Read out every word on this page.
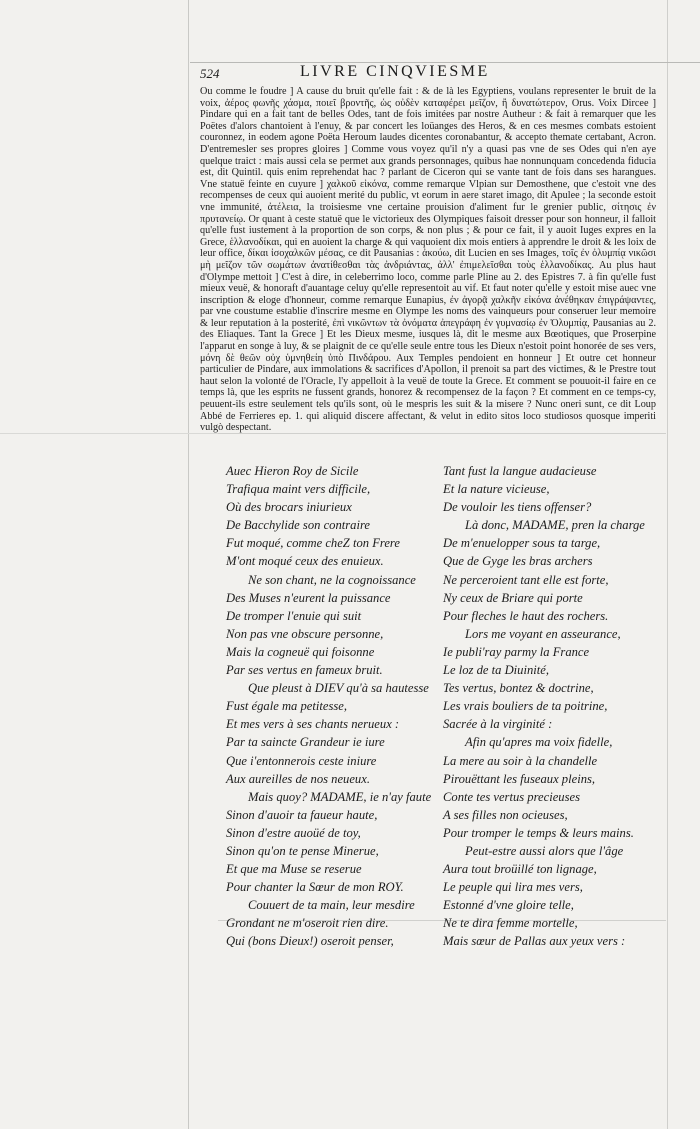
524	LIVRE CINQVIESME

Ou comme le foudre ] A cause du bruit qu'elle fait : & de là les Egyptiens, voulans representer le bruit de la voix, ἀέρος φωνῆς χάσμα, ποιεῖ βροντῆς, ὡς οὐδὲν καταφέρει μεῖζον, ἢ δυνατώτερον, Orus. Voix Dircee ] Pindare qui en a fait tant de belles Odes, tant de fois imitées par nostre Autheur : & fait à remarquer que les Poëtes d'alors chantoient à l'enuy, & par concert les loüanges des Heros, & en ces mesmes combats estoient couronnez, in eodem agone Poëta Heroum laudes dicentes coronabantur, & accepto themate certabant, Acron. D'entremesler ses propres gloires ] Comme vous voyez qu'il n'y a quasi pas vne de ses Odes qui n'en aye quelque traict : mais aussi cela se permet aux grands personnages, quibus hae nonnunquam concedenda fiducia est, dit Quintil. quis enim reprehendat hac ? parlant de Ciceron qui se vante tant de fois dans ses harangues. Vne statuë feinte en cuyure ] χαλκοῦ εἰκόνα, comme remarque Vlpian sur Demosthene, que c'estoit vne des recompenses de ceux qui auoient merité du public, vt eorum in aere staret imago, dit Apulee ; la seconde estoit vne immunité, ἀτέλεια, la troisiesme vne certaine prouision d'aliment fur le grenier public, σίτησις ἐν πρυτανείῳ. Or quant à ceste statuë que le victorieux des Olympiques faisoit dresser pour son honneur, il falloit qu'elle fust iustement à la proportion de son corps, & non plus ; & pour ce fait, il y auoit Iuges expres en la Grece, ἑλλανοδίκαι, qui en auoient la charge & qui vaquoient dix mois entiers à apprendre le droit & les loix de leur office, δίκαι ἰσοχαλκῶν μέσας, ce dit Pausanias : ἀκούω, dit Lucien en ses Images, τοῖς ἐν ὀλυμπίᾳ νικῶσι μὴ μεῖζον τῶν σωμάτων ἀνατίθεσθαι τὰς ἀνδριάντας, ἀλλ' ἐπιμελεῖσθαι τοὺς ἑλλανοδίκας. Au plus haut d'Olympe mettoit ] C'est à dire, in celeberrimo loco, comme parle Pline au 2. des Epistres 7. à fin qu'elle fust mieux veuë, & honoraft d'auantage celuy qu'elle representoit au vif. Et faut noter qu'elle y estoit mise auec vne inscription & eloge d'honneur, comme remarque Eunapius, ἐν ἀγορᾷ χαλκῆν εἰκόνα ἀνέθηκαν ἐπιγράψαντες, par vne coustume establie d'inscrire mesme en Olympe les noms des vainqueurs pour conseruer leur memoire & leur reputation à la posterité, ἐπὶ νικῶντων τὰ ὀνόματα ἀπεγράφη ἐν γυμνασίῳ ἐν Ὀλυμπίᾳ, Pausanias au 2. des Eliaques. Tant la Grece ] Et les Dieux mesme, iusques là, dit le mesme aux Bœotiques, que Proserpine l'apparut en songe à luy, & se plaignit de ce qu'elle seule entre tous les Dieux n'estoit point honorée de ses vers, μόνη δὲ θεῶν οὐχ ὑμνηθείη ὑπὸ Πινδάρου. Aux Temples pendoient en honneur ] Et outre cet honneur particulier de Pindare, aux immolations & sacrifices d'Apollon, il prenoit sa part des victimes, & le Prestre tout haut selon la volonté de l'Oracle, l'y appelloit à la veuë de toute la Grece. Et comment se pouuoit-il faire en ce temps là, que les esprits ne fussent grands, honorez & recompensez de la façon ? Et comment en ce temps-cy, peuuent-ils estre seulement tels qu'ils sont, où le mespris les suit & la misere ? Nunc oneri sunt, ce dit Loup Abbé de Ferrieres ep. 1. qui aliquid discere affectant, & velut in edito sitos loco studiosos quosque imperiti vulgò despectant.

Auec Hieron Roy de Sicile
Trafiqua maint vers difficile,
Où des brocars iniurieux
De Bacchylide son contraire
Fut moqué, comme cheZ ton Frere
M'ont moqué ceux des enuieux.
Ne son chant, ne la cognoissance
Des Muses n'eurent la puissance
De tromper l'enuie qui suit
Non pas vne obscure personne,
Mais la cogneuë qui foisonne
Par ses vertus en fameux bruit.
Que pleust à DIEV qu'à sa hautesse
Fust égale ma petitesse,
Et mes vers à ses chants nerueux :
Par ta saincte Grandeur ie iure
Que i'entonnerois ceste iniure
Aux aureilles de nos neueux.
Mais quoy? MADAME, ie n'ay faute
Sinon d'auoir ta faueur haute,
Sinon d'estre auoüé de toy,
Sinon qu'on te pense Minerue,
Et que ma Muse se reserue
Pour chanter la Sœur de mon ROY.
Couuert de ta main, leur mesdire
Grondant ne m'oseroit rien dire.
Qui (bons Dieux!) oseroit penser,
Tant fust la langue audacieuse
Et la nature vicieuse,
De vouloir les tiens offenser?
Là donc, MADAME, pren la charge
De m'enuelopper sous ta targe,
Que de Gyge les bras archers
Ne perceroient tant elle est forte,
Ny ceux de Briare qui porte
Pour fleches le haut des rochers.
Lors me voyant en asseurance,
Ie publi'ray parmy la France
Le loz de ta Diuinité,
Tes vertus, bontez & doctrine,
Les vrais bouliers de ta poitrine,
Sacrée à la virginité :
Afin qu'apres ma voix fidelle,
La mere au soir à la chandelle
Pirouëttant les fuseaux pleins,
Conte tes vertus precieuses
A ses filles non ocieuses,
Pour tromper le temps & leurs mains.
Peut-estre aussi alors que l'âge
Aura tout broüillé ton lignage,
Le peuple qui lira mes vers,
Estonné d'vne gloire telle,
Ne te dira femme mortelle,
Mais sœur de Pallas aux yeux vers :
